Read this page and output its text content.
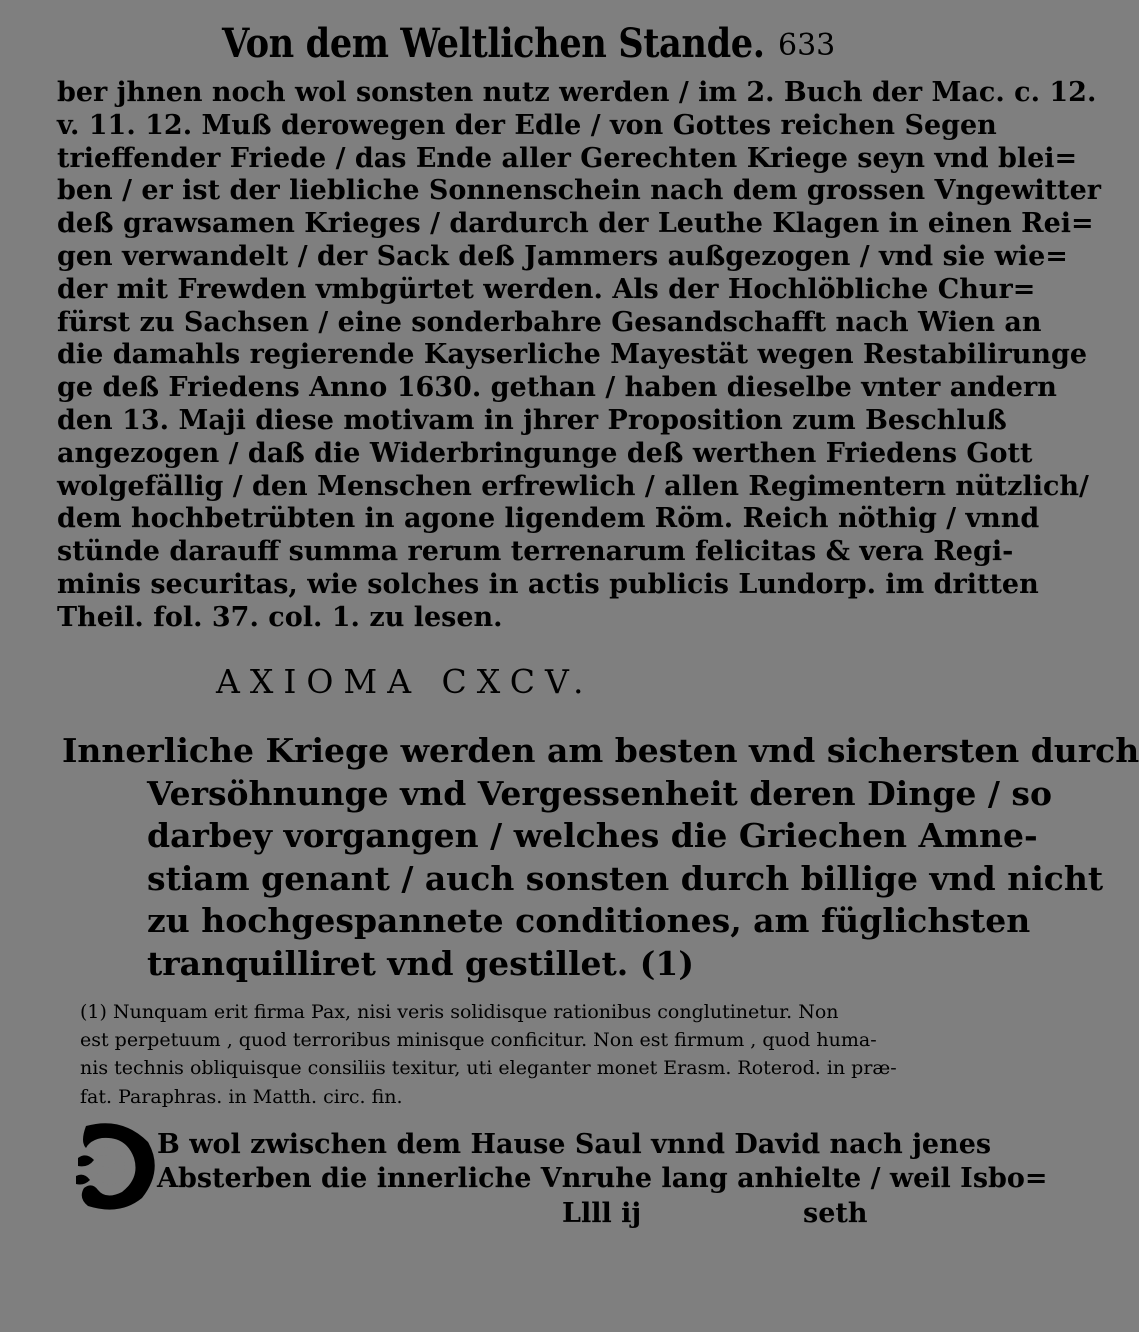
Von dem Weltlichen Stande. 633
ber jhnen noch wol sonsten nutz werden / im 2. Buch der Mac. c. 12.
v. 11. 12. Muß derowegen der Edle / von Gottes reichen Segen
trieffender Friede / das Ende aller Gerechten Kriege seyn vnd blei=
ben / er ist der liebliche Sonnenschein nach dem grossen Vngewitter
deß grawsamen Krieges / dardurch der Leuthe Klagen in einen Rei=
gen verwandelt / der Sack deß Jammers außgezogen / vnd sie wie=
der mit Frewden vmbgürtet werden. Als der Hochlöbliche Chur=
fürst zu Sachsen / eine sonderbahre Gesandschafft nach Wien an
die damahls regierende Kayserliche Mayestät wegen Restabilirunge
ge deß Friedens Anno 1630. gethan / haben dieselbe vnter andern
den 13. Maji diese motivam in jhrer Proposition zum Beschluß
angezogen / daß die Widerbringunge deß werthen Friedens Gott
wolgefällig / den Menschen erfrewlich / allen Regimentern nützlich/
dem hochbetrübten in agone ligendem Röm. Reich nöthig / vnnd
stünde darauff summa rerum terrenarum felicitas & vera Regi-
minis securitas, wie solches in actis publicis Lundorp. im dritten
Theil. fol. 37. col. 1. zu lesen.
AXIOMA CXCV.
Innerliche Kriege werden am besten vnd sichersten durch
Versöhnunge vnd Vergessenheit deren Dinge / so
darbey vorgangen / welches die Griechen Amne-
stiam genant / auch sonsten durch billige vnd nicht
zu hochgespannete conditiones, am füglichsten
tranquilliret vnd gestillet. (1)
(1) Nunquam erit firma Pax, nisi veris solidisque rationibus conglutinetur. Non
est perpetuum , quod terroribus minisque conficitur. Non est firmum , quod huma-
nis technis obliquisque consiliis texitur, uti eleganter monet Erasm. Roterod. in præ-
fat. Paraphras. in Matth. circ. fin.
B wol zwischen dem Hause Saul vnnd David nach jenes
Absterben die innerliche Vnruhe lang anhielte / weil Isbo=
Llll ij	seth
